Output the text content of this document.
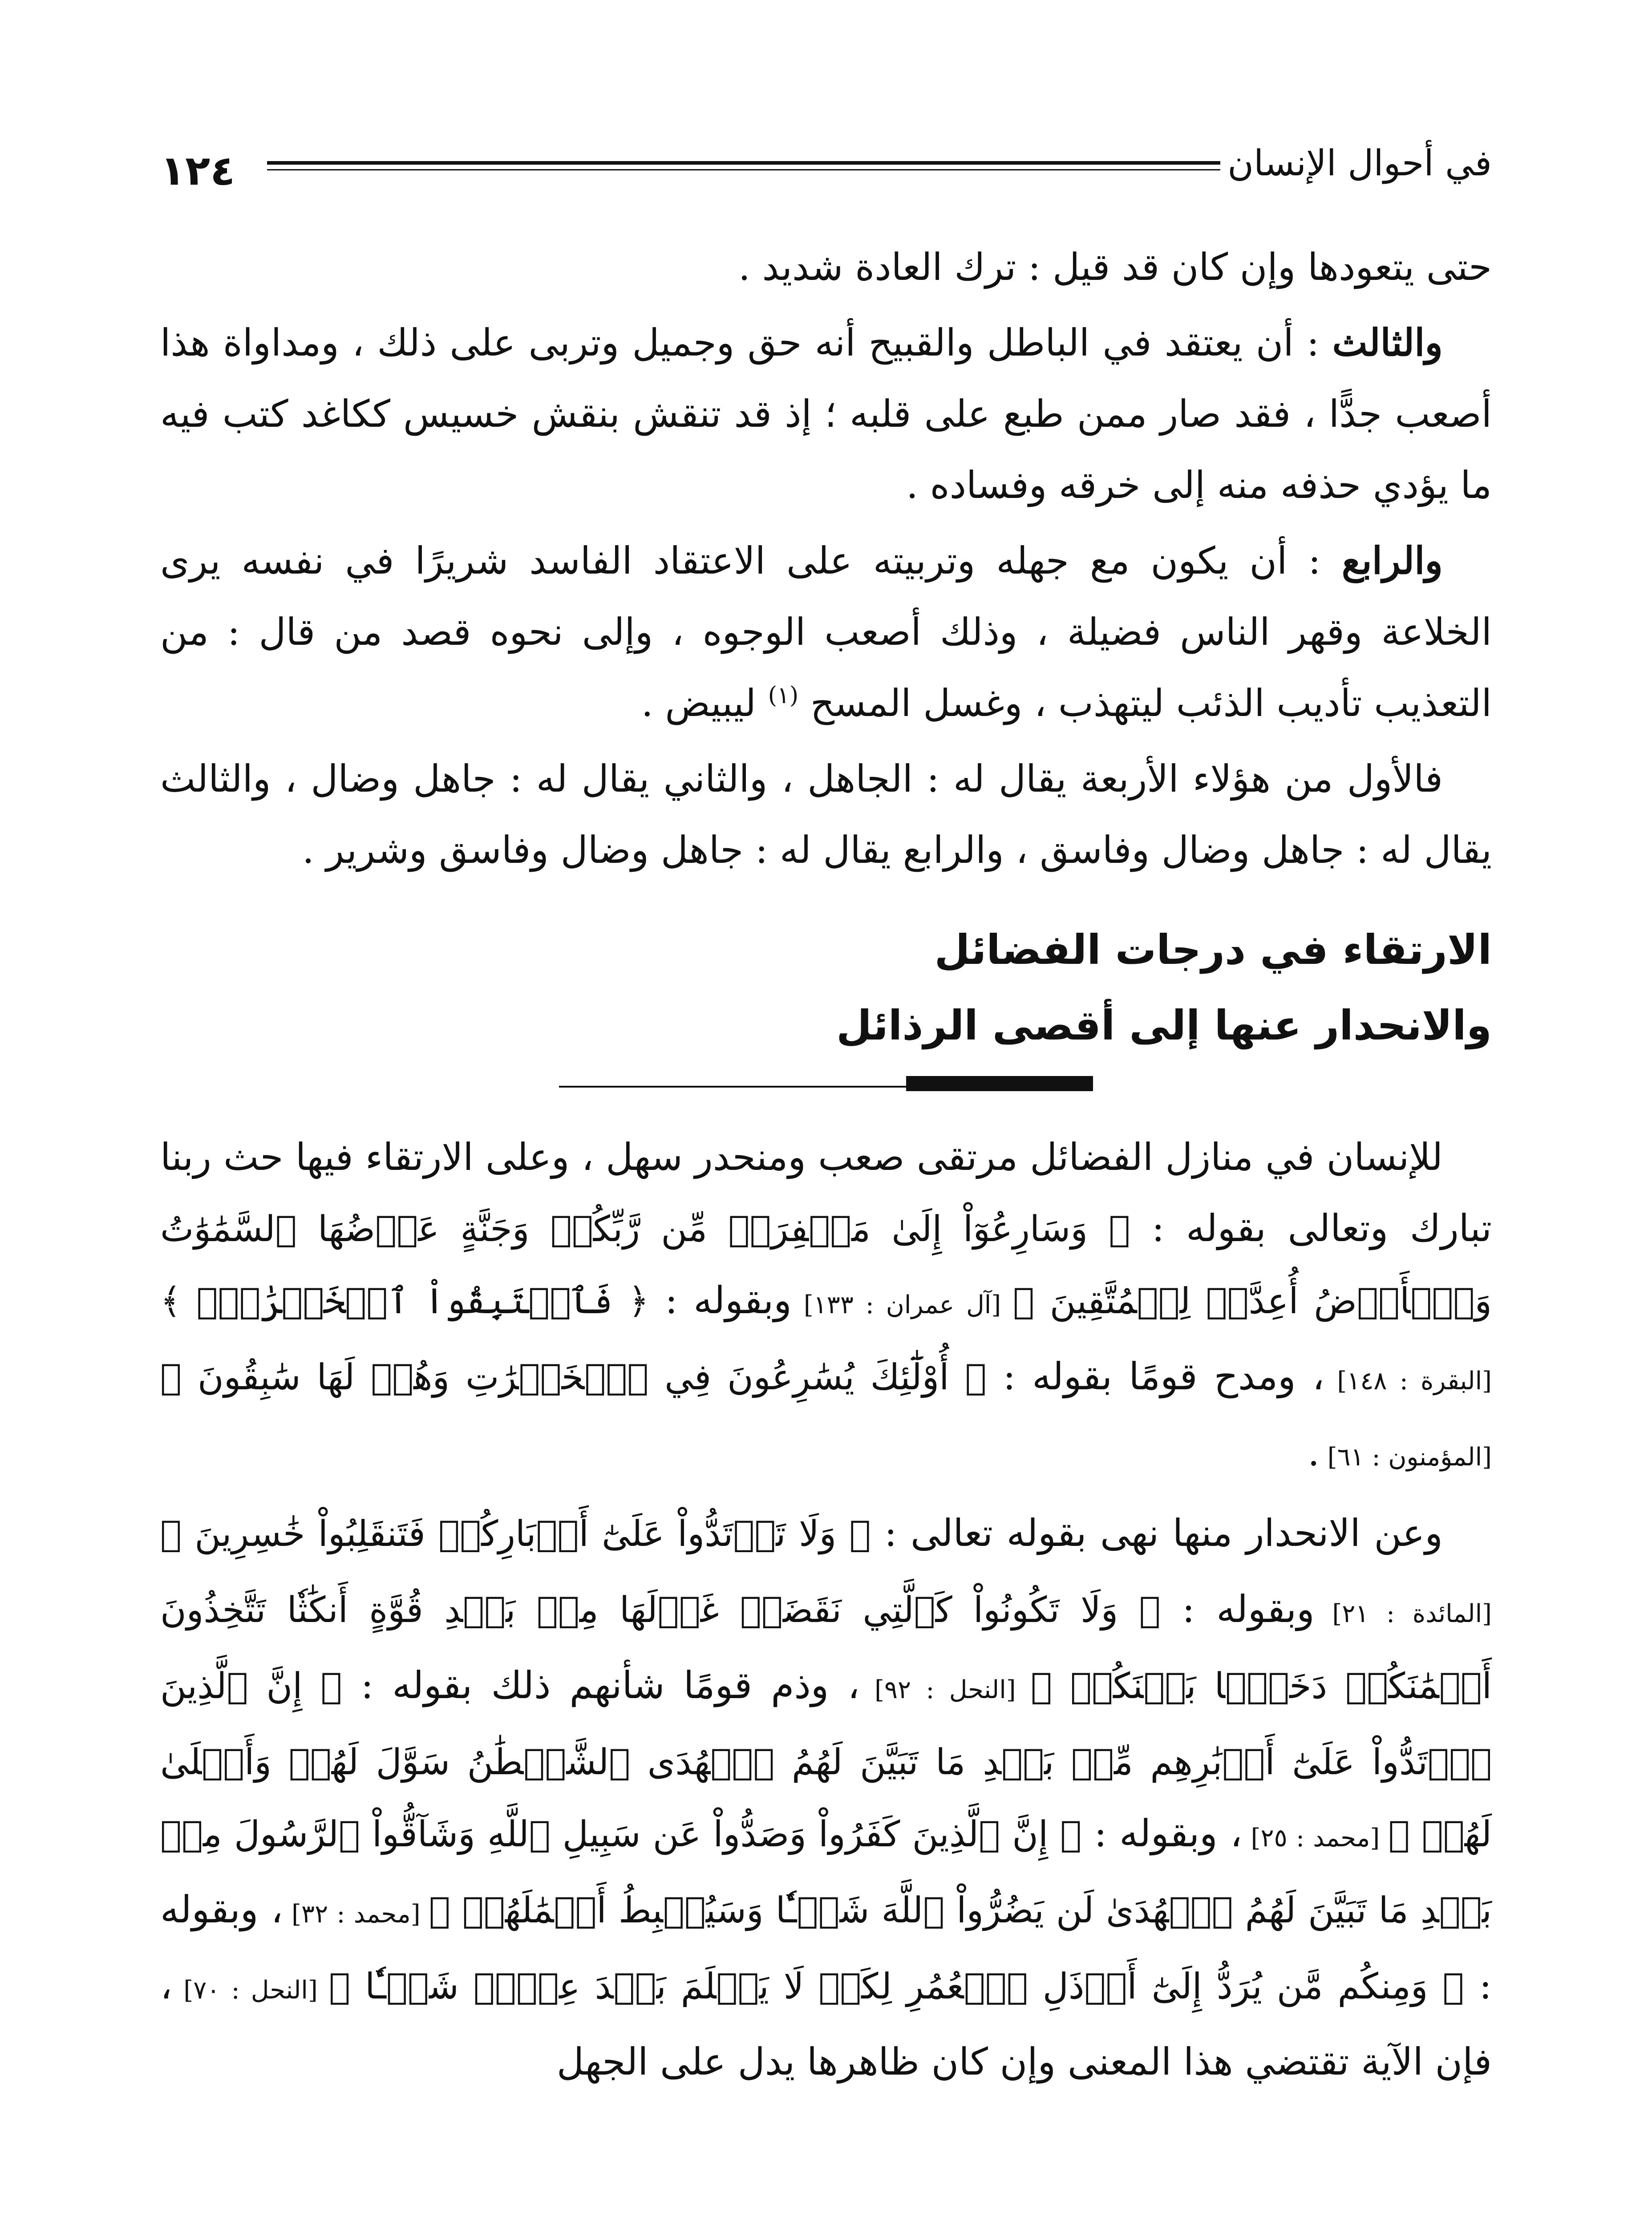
١٢٤	في أحوال الإنسان

حتى يتعودها وإن كان قد قيل : ترك العادة شديد .

والثالث : أن يعتقد في الباطل والقبيح أنه حق وجميل وتربى على ذلك ، ومداواة هذا أصعب جدًّا ، فقد صار ممن طبع على قلبه ؛ إذ قد تنقش بنقش خسيس ككاغد كتب فيه ما يؤدي حذفه منه إلى خرقه وفساده .

والرابع : أن يكون مع جهله وتربيته على الاعتقاد الفاسد شريرًا في نفسه يرى الخلاعة وقهر الناس فضيلة ، وذلك أصعب الوجوه ، وإلى نحوه قصد من قال : من التعذيب تأديب الذئب ليتهذب ، وغسل المسح $^{(١)}$ ليبيض .

فالأول من هؤلاء الأربعة يقال له : الجاهل ، والثاني يقال له : جاهل وضال ، والثالث يقال له : جاهل وضال وفاسق ، والرابع يقال له : جاهل وضال وفاسق وشرير .

الارتقاء في درجات الفضائل
والانحدار عنها إلى أقصى الرذائل

للإنسان في منازل الفضائل مرتقى صعب ومنحدر سهل ، وعلى الارتقاء فيها حث ربنا تبارك وتعالى بقوله : ﴿ وَسَارِعُوٓاْ إِلَىٰ مَغۡفِرَةٖ مِّن رَّبِّكُمۡ وَجَنَّةٍ عَرۡضُهَا ٱلسَّمَٰوَٰتُ وَٱلۡأَرۡضُ أُعِدَّتۡ لِلۡمُتَّقِينَ ﴾ [آل عمران : ١٣٣] وبقوله : ﴿ فَٱسۡتَبِقُواْ ٱلۡخَيۡرَٰتِۚ ﴾ [البقرة : ١٤٨] ، ومدح قومًا بقوله : ﴿ أُوْلَٰٓئِكَ يُسَٰرِعُونَ فِي ٱلۡخَيۡرَٰتِ وَهُمۡ لَهَا سَٰبِقُونَ ﴾ [المؤمنون : ٦١] .

وعن الانحدار منها نهى بقوله تعالى : ﴿ وَلَا تَرۡتَدُّواْ عَلَىٰٓ أَدۡبَارِكُمۡ فَتَنقَلِبُواْ خَٰسِرِينَ ﴾ [المائدة : ٢١] وبقوله : ﴿ وَلَا تَكُونُواْ كَٱلَّتِي نَقَضَتۡ غَزۡلَهَا مِنۢ بَعۡدِ قُوَّةٍ أَنكَٰثٗا تَتَّخِذُونَ أَيۡمَٰنَكُمۡ دَخَلَۢا بَيۡنَكُمۡ ﴾ [النحل : ٩٢] ، وذم قومًا شأنهم ذلك بقوله : ﴿ إِنَّ ٱلَّذِينَ ٱرۡتَدُّواْ عَلَىٰٓ أَدۡبَٰرِهِم مِّنۢ بَعۡدِ مَا تَبَيَّنَ لَهُمُ ٱلۡهُدَى ٱلشَّيۡطَٰنُ سَوَّلَ لَهُمۡ وَأَمۡلَىٰ لَهُمۡ ﴾ [محمد : ٢٥] ، وبقوله : ﴿ إِنَّ ٱلَّذِينَ كَفَرُواْ وَصَدُّواْ عَن سَبِيلِ ٱللَّهِ وَشَآقُّواْ ٱلرَّسُولَ مِنۢ بَعۡدِ مَا تَبَيَّنَ لَهُمُ ٱلۡهُدَىٰ لَن يَضُرُّواْ ٱللَّهَ شَيۡـٔٗا وَسَيُحۡبِطُ أَعۡمَٰلَهُمۡ ﴾ [محمد : ٣٢] ، وبقوله : ﴿ وَمِنكُم مَّن يُرَدُّ إِلَىٰٓ أَرۡذَلِ ٱلۡعُمُرِ لِكَيۡ لَا يَعۡلَمَ بَعۡدَ عِلۡمٖ شَيۡـٔٗا ﴾ [النحل : ٧٠] ، فإن الآية تقتضي هذا المعنى وإن كان ظاهرها يدل على الجهل
